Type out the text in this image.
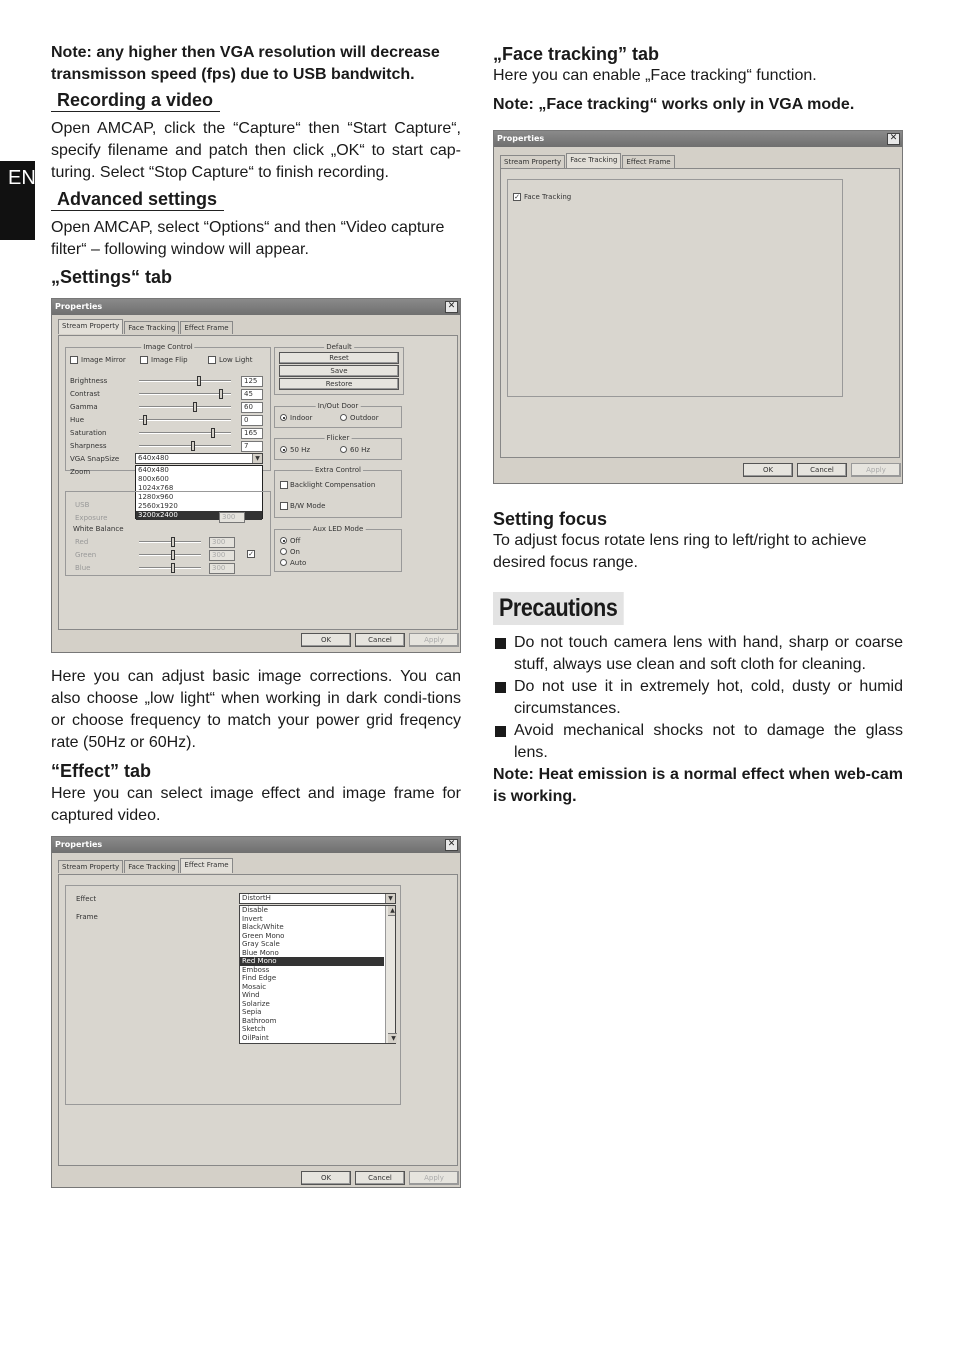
EN
Note: any higher then VGA resolution will decrease transmisson speed (fps) due to USB bandwitch.
Recording a video
Open AMCAP, click the “Capture“ then “Start Capture“, specify filename and patch then click „OK“ to start cap-turing. Select “Stop Capture“ to finish recording.
Advanced settings
Open AMCAP, select “Options“ and then “Video capture filter“ – following window will appear.
„Settings“ tab
Properties	✕
Stream Property	Face Tracking	Effect Frame
Image Control
Image Mirror	Image Flip	Low Light
Brightness	125
Contrast	45
Gamma	60
Hue	0
Saturation	165
Sharpness	7
VGA SnapSize	640x480	▼
Zoom	640x480
800x600
1024x768
1280x960
2560x1920
3200x2400
USB
Exposure	300
White Balance
Red	300
Green	300	✓
Blue	300
Default
Reset
Save
Restore
In/Out Door
Indoor	Outdoor
Flicker
50 Hz	60 Hz
Extra Control
Backlight Compensation
B/W Mode
Aux LED Mode
Off
On
Auto
OK	Cancel	Apply
Here you can adjust basic image corrections. You can also choose „low light“ when working in dark condi-tions or choose frequency to match your power grid freqency rate (50Hz or 60Hz).
“Effect” tab
Here you can select image effect and image frame for captured video.
Properties	✕
Stream Property	Face Tracking	Effect Frame
Effect
Frame
DistortH	▼
Disable
Invert
Black/White
Green Mono
Gray Scale
Blue Mono
Red Mono
Emboss
Find Edge
Mosaic
Wind
Solarize
Sepia
Bathroom
Sketch
OilPaint
▲
▼
OK	Cancel	Apply
„Face tracking” tab
Here you can enable „Face tracking“ function.
Note: „Face tracking“ works only in VGA mode.
Properties	✕
Stream Property	Face Tracking	Effect Frame
✓ Face Tracking
OK	Cancel	Apply
Setting focus
To adjust focus rotate lens ring to left/right to achieve desired focus range.
Precautions
Do not touch camera lens with hand, sharp or coarse stuff, always use clean and soft cloth for cleaning.
Do not use it in extremely hot, cold, dusty or humid circumstances.
Avoid mechanical shocks not to damage the glass lens.
Note: Heat emission is a normal effect when web-cam is working.
